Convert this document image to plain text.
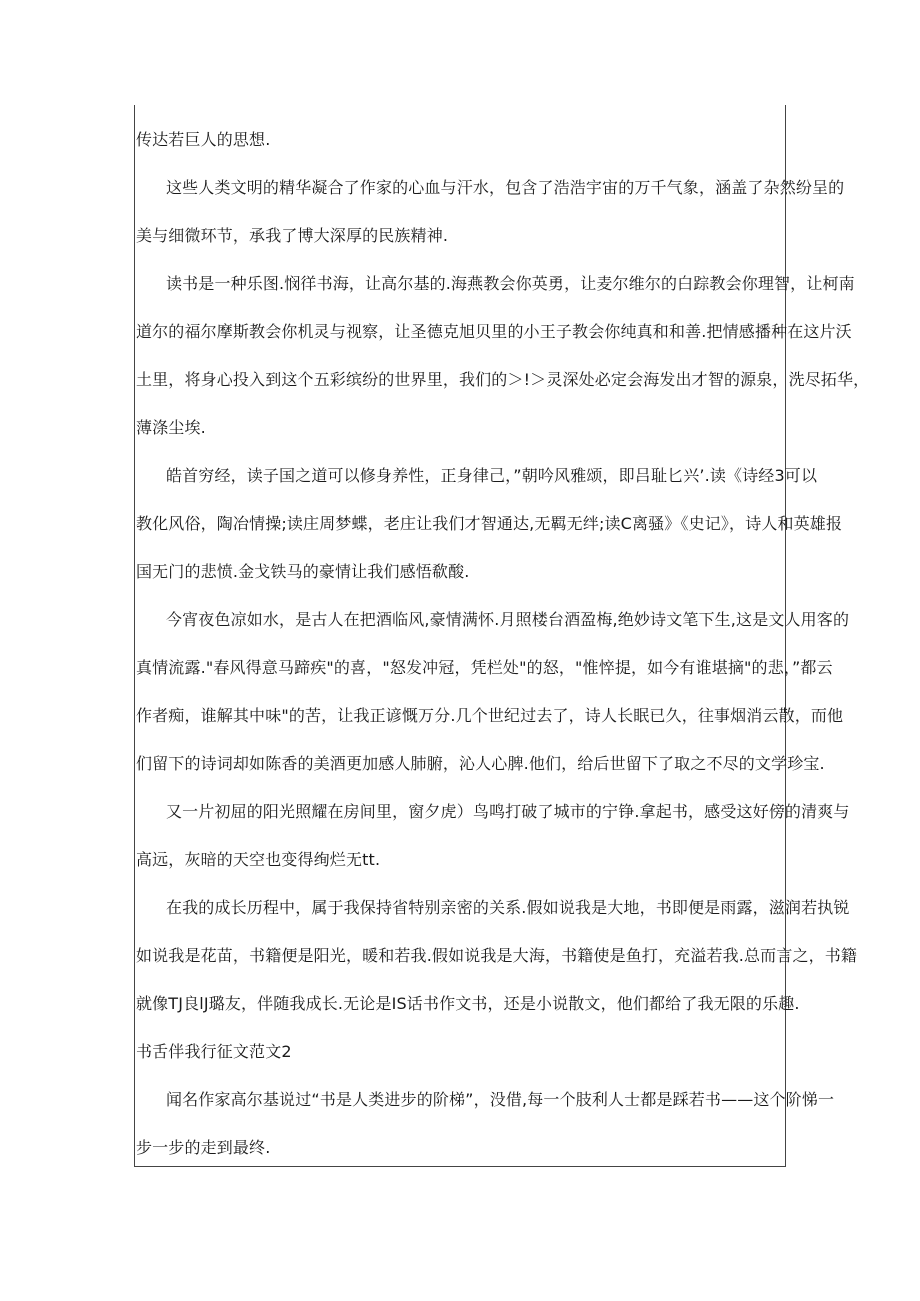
传达若巨人的思想.
这些人类文明的精华凝合了作家的心血与汗水，包含了浩浩宇宙的万千气象，涵盖了杂然纷呈的
美与细微环节，承我了博大深厚的民族精神.
读书是一种乐图.悯徉书海，让高尔基的.海燕教会你英勇，让麦尔维尔的白踪教会你理智，让柯南
道尔的福尔摩斯教会你机灵与视察，让圣德克旭贝里的小王子教会你纯真和和善.把情感播种在这片沃
土里，将身心投入到这个五彩缤纷的世界里，我们的＞!＞灵深处必定会海发出才智的源泉，洗尽拓华，
薄涤尘埃.
皓首穷经，读子国之道可以修身养性，正身律己，”朝吟风雅颂，即吕耻匕兴’.读《诗经3可以
教化风俗，陶冶情操;读庄周梦蝶，老庄让我们才智通达,无羁无绊;读C离骚》《史记》，诗人和英雄报
国无门的悲愤.金戈铁马的豪情让我们感悟欷酸.
今宵夜色凉如水，是古人在把酒临风,豪情满怀.月照楼台酒盈梅,绝妙诗文笔下生,这是文人用客的
真情流露."春风得意马蹄疾"的喜，"怒发冲冠，凭栏处"的怒，"惟悴提，如今有谁堪摘"的悲，”都云
作者痴，谁解其中味"的苦，让我正谚慨万分.几个世纪过去了，诗人长眠已久，往事烟消云散，而他
们留下的诗词却如陈香的美酒更加感人肺腑，沁人心脾.他们，给后世留下了取之不尽的文学珍宝.
又一片初屈的阳光照耀在房间里，窗夕虎）鸟鸣打破了城市的宁铮.拿起书，感受这好傍的清爽与
高远，灰暗的天空也变得绚烂无tt.
在我的成长历程中，属于我保持省特别亲密的关系.假如说我是大地，书即便是雨露，滋润若执锐
如说我是花苗，书籍便是阳光，暖和若我.假如说我是大海，书籍使是鱼打，充溢若我.总而言之，书籍
就像TJ良lJ璐友，伴随我成长.无论是IS话书作文书，还是小说散文，他们都给了我无限的乐趣.
书舌伴我行征文范文2
闻名作家高尔基说过“书是人类进步的阶梯”，没借,每一个肢利人士都是踩若书——这个阶悌一
步一步的走到最终.
